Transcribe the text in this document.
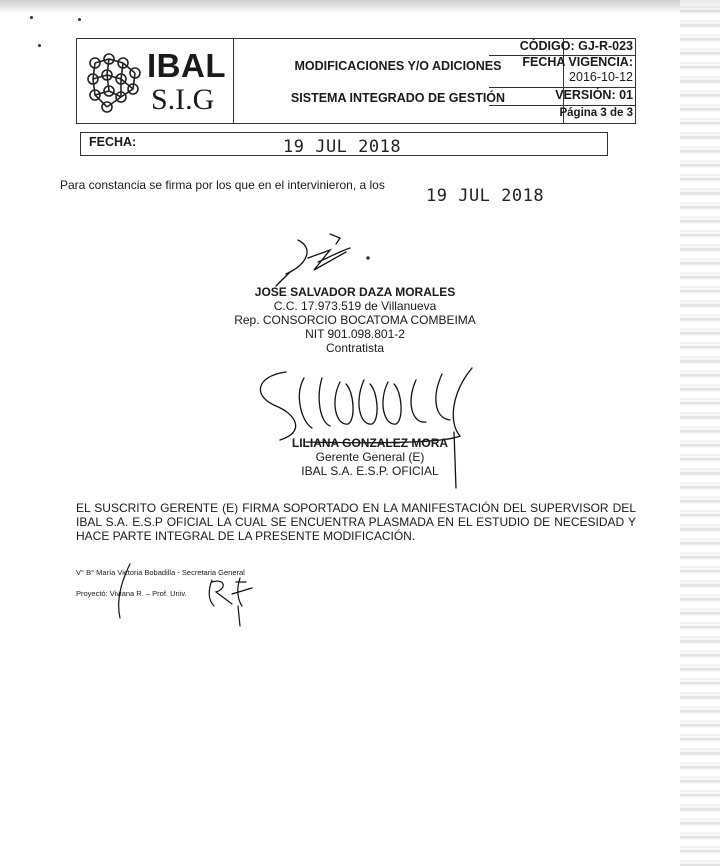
IBAL
S.I.G
MODIFICACIONES Y/O ADICIONES
SISTEMA INTEGRADO DE GESTIÓN
CÓDIGO: GJ-R-023
FECHA VIGENCIA:
2016-10-12
VERSIÓN: 01
Página 3 de 3
FECHA:	19 JUL 2018
Para constancia se firma por los que en el intervinieron, a los
19 JUL 2018
JOSE SALVADOR DAZA MORALES
C.C. 17.973.519 de Villanueva
Rep. CONSORCIO BOCATOMA COMBEIMA
NIT 901.098.801-2
Contratista
LILIANA GONZALEZ MORA
Gerente General (E)
IBAL S.A. E.S.P. OFICIAL
EL SUSCRITO GERENTE (E) FIRMA SOPORTADO EN LA MANIFESTACIÓN DEL SUPERVISOR DEL IBAL S.A. E.S.P OFICIAL LA CUAL SE ENCUENTRA PLASMADA EN EL ESTUDIO DE NECESIDAD Y HACE PARTE INTEGRAL DE LA PRESENTE MODIFICACIÓN.
V° B° María Victoria Bobadilla - Secretaria General
Proyectó: Viviana R. – Prof. Univ.
